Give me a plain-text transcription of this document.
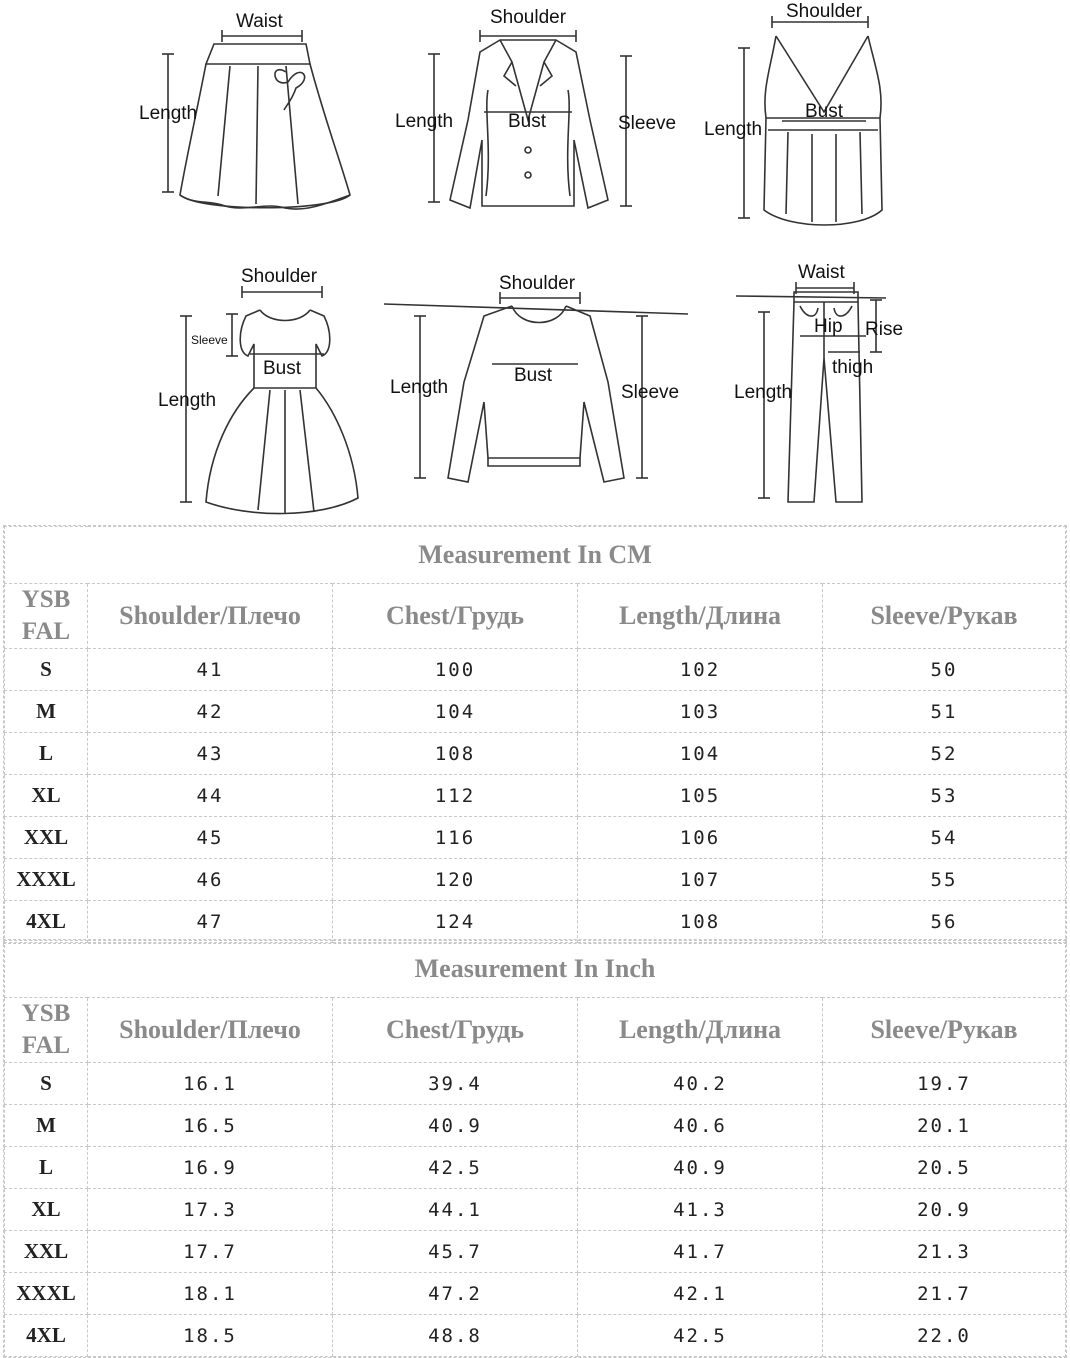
Waist
Length
Shoulder
Length	Bust	Sleeve
Shoulder
Bust
Length
Shoulder
Sleeve
Bust
Length
Shoulder
Length
Bust
Sleeve
Waist
Hip Rise
thigh
Length
Measurement In CM				
YSB FAL	Shoulder/Плечо	Chest/Грудь	Length/Длина	Sleeve/Рукав
S	41	100	102	50
M	42	104	103	51
L	43	108	104	52
XL	44	112	105	53
XXL	45	116	106	54
XXXL	46	120	107	55
4XL	47	124	108	56
Measurement In Inch				
YSB FAL	Shoulder/Плечо	Chest/Грудь	Length/Длина	Sleeve/Рукав
S	16.1	39.4	40.2	19.7
M	16.5	40.9	40.6	20.1
L	16.9	42.5	40.9	20.5
XL	17.3	44.1	41.3	20.9
XXL	17.7	45.7	41.7	21.3
XXXL	18.1	47.2	42.1	21.7
4XL	18.5	48.8	42.5	22.0
